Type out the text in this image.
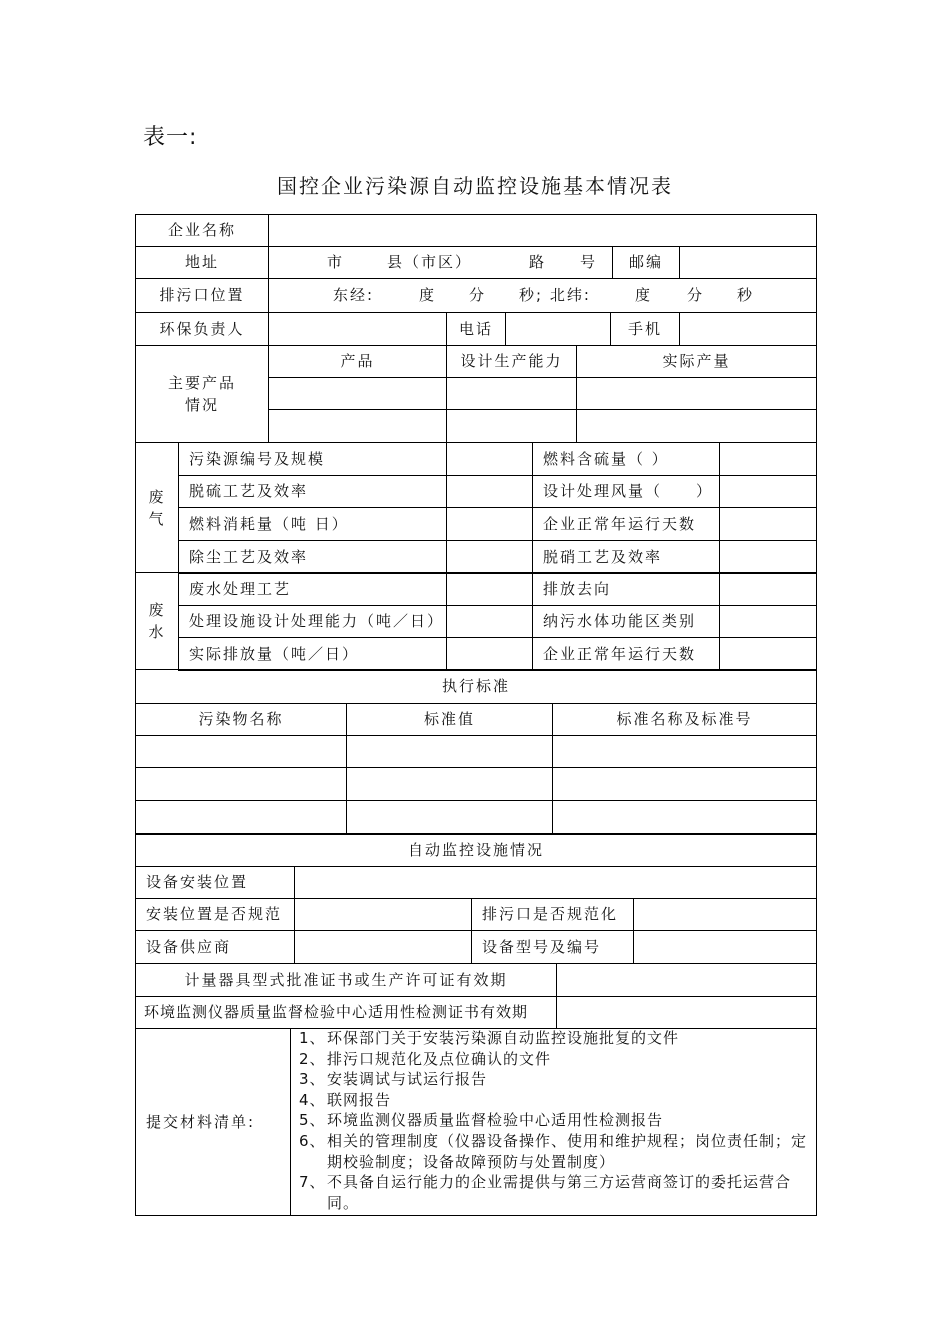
表一:
国控企业污染源自动监控设施基本情况表
企业名称
地址	市	县（市区）	路 号	邮编
排污口位置	东经:	度 分 秒; 北纬:	度 分 秒
环保负责人	电话	手机
主要产品
情况
产品	设计生产能力	实际产量
废
气
污染源编号及规模	燃料含硫量（ ）
脱硫工艺及效率	设计处理风量（　　）
燃料消耗量（吨 日）	企业正常年运行天数
除尘工艺及效率	脱硝工艺及效率
废
水
废水处理工艺	排放去向
处理设施设计处理能力（吨／日）	纳污水体功能区类别
实际排放量（吨／日）	企业正常年运行天数
执行标准
污染物名称	标准值	标准名称及标准号
自动监控设施情况
设备安装位置
安装位置是否规范	排污口是否规范化
设备供应商	设备型号及编号
计量器具型式批准证书或生产许可证有效期
环境监测仪器质量监督检验中心适用性检测证书有效期
提交材料清单:
1、 环保部门关于安装污染源自动监控设施批复的文件
2、 排污口规范化及点位确认的文件
3、 安装调试与试运行报告
4、 联网报告
5、 环境监测仪器质量监督检验中心适用性检测报告
6、 相关的管理制度（仪器设备操作、使用和维护规程；岗位责任制；定期校验制度；设备故障预防与处置制度）
7、 不具备自运行能力的企业需提供与第三方运营商签订的委托运营合同。
